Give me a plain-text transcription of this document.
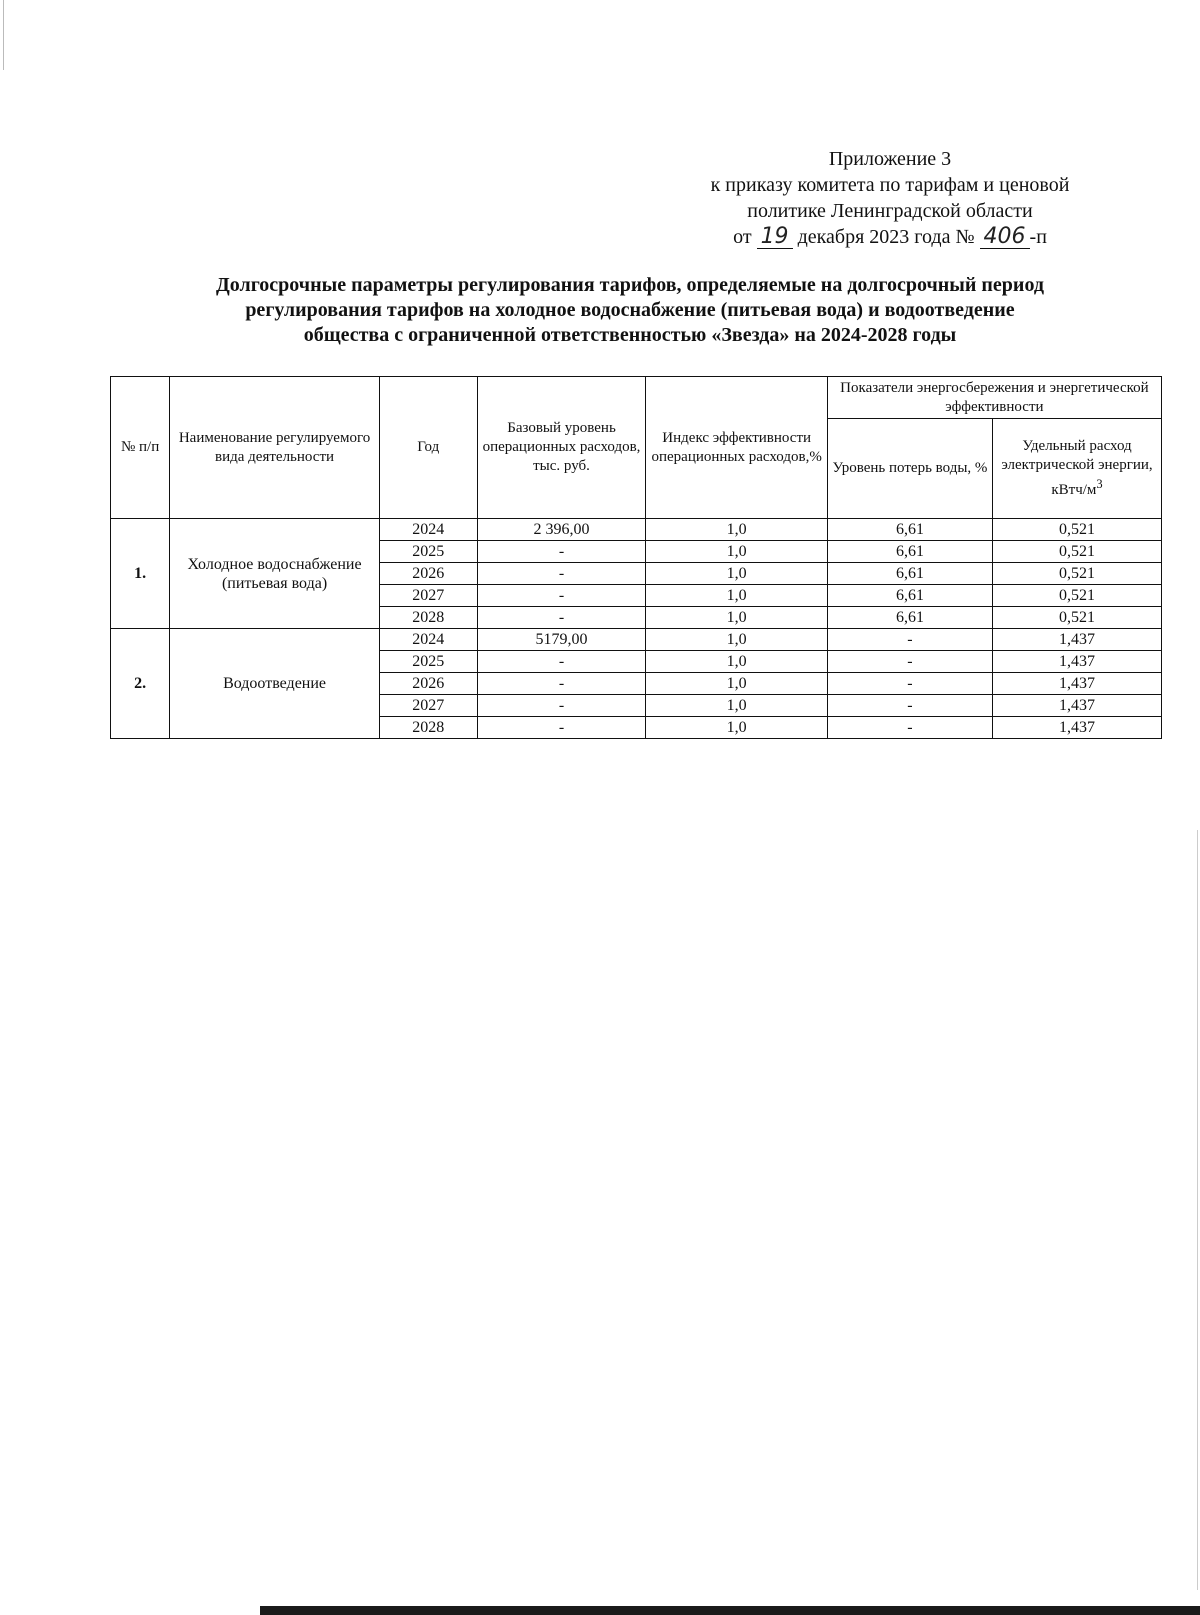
Приложение 3
к приказу комитета по тарифам и ценовой
политике Ленинградской области
от 19 декабря 2023 года № 406 -п
Долгосрочные параметры регулирования тарифов, определяемые на долгосрочный период
регулирования тарифов на холодное водоснабжение (питьевая вода) и водоотведение
общества с ограниченной ответственностью «Звезда» на 2024-2028 годы
№ п/п	Наименование регулируемого вида деятельности	Год	Базовый уровень операционных расходов, тыс. руб.	Индекс эффективности операционных расходов,%	Показатели энергосбережения и энергетической эффективности	
					Уровень потерь воды, %	Удельный расход электрической энергии, кВтч/$м^3$
1.	Холодное водоснабжение (питьевая вода)	2024	2 396,00	1,0	6,61	0,521
		2025	-	1,0	6,61	0,521
		2026	-	1,0	6,61	0,521
		2027	-	1,0	6,61	0,521
		2028	-	1,0	6,61	0,521
2.	Водоотведение	2024	5179,00	1,0	-	1,437
		2025	-	1,0	-	1,437
		2026	-	1,0	-	1,437
		2027	-	1,0	-	1,437
		2028	-	1,0	-	1,437
